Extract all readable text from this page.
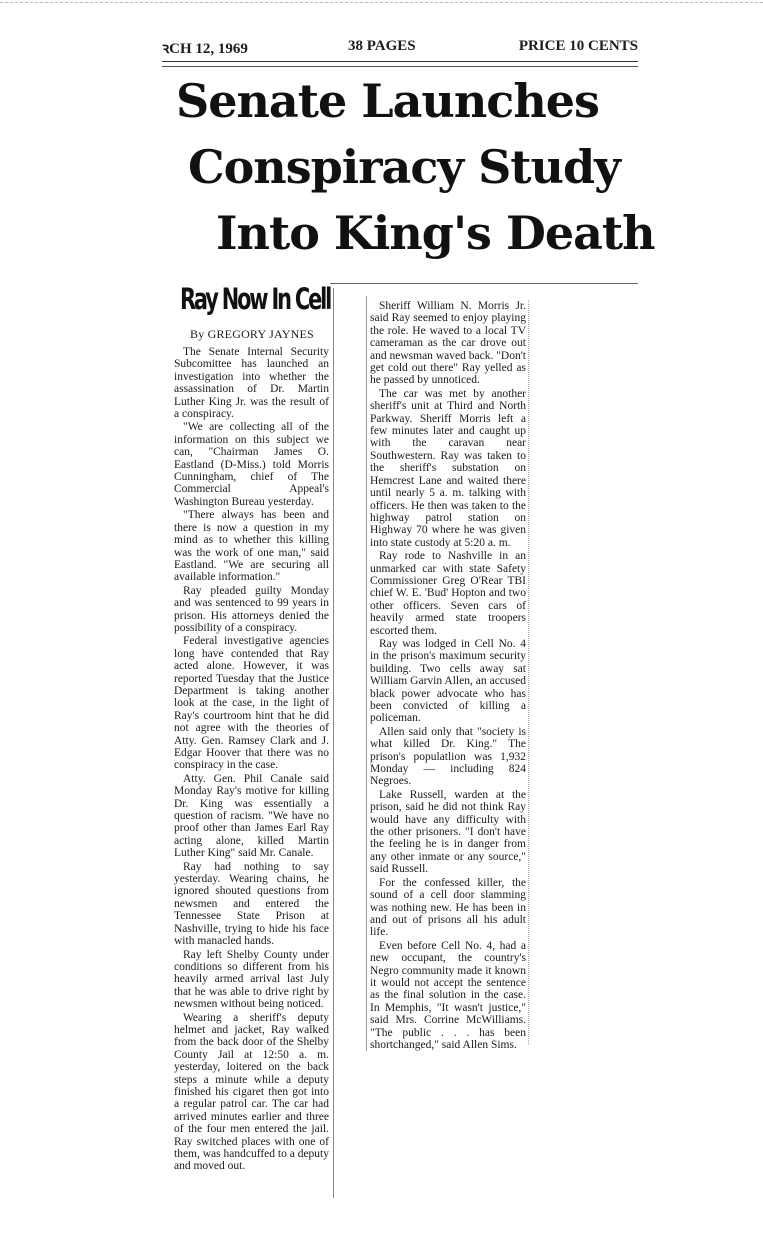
ꝛCH 12, 1969	38 PAGES	PRICE 10 CENTS
Senate Launches
Conspiracy Study
Into King's Death
Ray Now In Cell
By GREGORY JAYNES

The Senate Internal Security Subcomittee has launched an investigation into whether the assassination of Dr. Martin Luther King Jr. was the result of a conspiracy.

"We are collecting all of the information on this subject we can, "Chairman James O. Eastland (D-Miss.) told Morris Cunningham, chief of The Commercial Appeal's Washington Bureau yesterday.

"There always has been and there is now a question in my mind as to whether this killing was the work of one man," said Eastland. "We are securing all available information."

Ray pleaded guilty Monday and was sentenced to 99 years in prison. His attorneys denied the possibility of a conspiracy.

Federal investigative agencies long have contended that Ray acted alone. However, it was reported Tuesday that the Justice Department is taking another look at the case, in the light of Ray's courtroom hint that he did not agree with the theories of Atty. Gen. Ramsey Clark and J. Edgar Hoover that there was no conspiracy in the case.

Atty. Gen. Phil Canale said Monday Ray's motive for killing Dr. King was essentially a question of racism. "We have no proof other than James Earl Ray acting alone, killed Martin Luther King" said Mr. Canale.

Ray had nothing to say yesterday. Wearing chains, he ignored shouted questions from newsmen and entered the Tennessee State Prison at Nashville, trying to hide his face with manacled hands.

Ray left Shelby County under conditions so different from his heavily armed arrival last July that he was able to drive right by newsmen without being noticed.

Wearing a sheriff's deputy helmet and jacket, Ray walked from the back door of the Shelby County Jail at 12:50 a. m. yesterday, loitered on the back steps a minute while a deputy finished his cigaret then got into a regular patrol car. The car had arrived minutes earlier and three of the four men entered the jail. Ray switched places with one of them, was handcuffed to a deputy and moved out.

Sheriff William N. Morris Jr. said Ray seemed to enjoy playing the role. He waved to a local TV cameraman as the car drove out and newsman waved back. "Don't get cold out there" Ray yelled as he passed by unnoticed.

The car was met by another sheriff's unit at Third and North Parkway. Sheriff Morris left a few minutes later and caught up with the caravan near Southwestern. Ray was taken to the sheriff's substation on Hemcrest Lane and waited there until nearly 5 a. m. talking with officers. He then was taken to the highway patrol station on Highway 70 where he was given into state custody at 5:20 a. m.

Ray rode to Nashville in an unmarked car with state Safety Commissioner Greg O'Rear TBI chief W. E. 'Bud' Hopton and two other officers. Seven cars of heavily armed state troopers escorted them.

Ray was lodged in Cell No. 4 in the prison's maximum security building. Two cells away sat William Garvin Allen, an accused black power advocate who has been convicted of killing a policeman.

Allen said only that "society is what killed Dr. King." The prison's populatlion was 1,932 Monday — including 824 Negroes.

Lake Russell, warden at the prison, said he did not think Ray would have any difficulty with the other prisoners. "I don't have the feeling he is in danger from any other inmate or any source," said Russell.

For the confessed killer, the sound of a cell door slamming was nothing new. He has been in and out of prisons all his adult life.

Even before Cell No. 4, had a new occupant, the country's Negro community made it known it would not accept the sentence as the final solution in the case. In Memphis, "It wasn't justice," said Mrs. Corrine McWilliams. "The public . . . has been shortchanged," said Allen Sims.
